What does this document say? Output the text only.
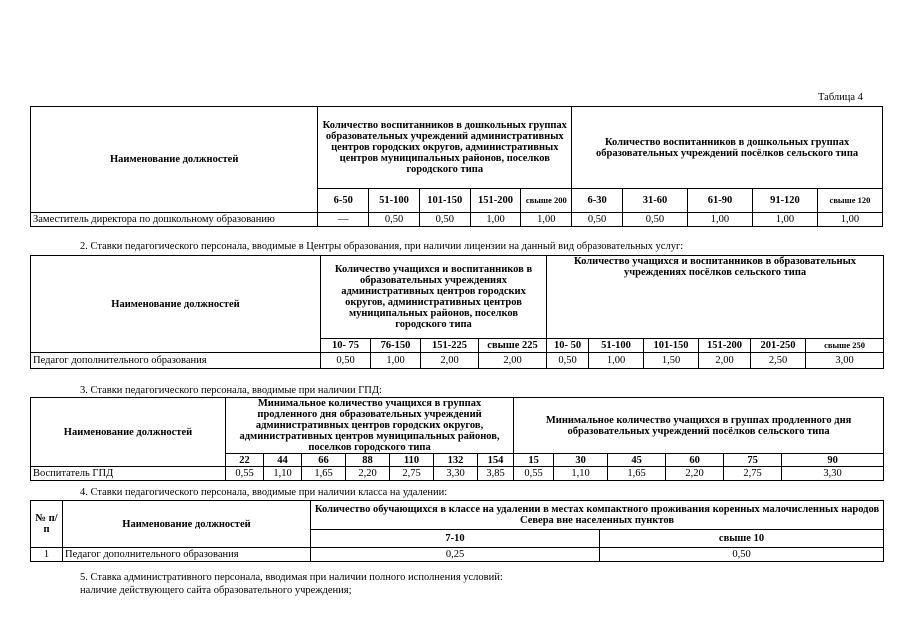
Таблица 4
Наименование должностей	Количество воспитанников в дошкольных группах образовательных учреждений административных центров городских округов, административных центров муниципальных районов, поселков городского типа					Количество воспитанников в дошкольных группах образовательных учреждений посёлков сельского типа				
	6-50	51-100	101-150	151-200	свыше 200	6-30	31-60	61-90	91-120	свыше 120
Заместитель директора по дошкольному образованию	—	0,50	0,50	1,00	1,00	0,50	0,50	1,00	1,00	1,00
2. Ставки педагогического персонала, вводимые в Центры образования, при наличии лицензии на данный вид образовательных услуг:
Наименование должностей	Количество учащихся и воспитанников в образовательных учреждениях административных центров городских округов, административных центров муниципальных районов, поселков городского типа				Количество учащихся и воспитанников в образовательных учреждениях посёлков сельского типа					
	10- 75	76-150	151-225	свыше 225	10- 50	51-100	101-150	151-200	201-250	свыше 250
Педагог дополнительного образования	0,50	1,00	2,00	2,00	0,50	1,00	1,50	2,00	2,50	3,00
3. Ставки педагогического персонала, вводимые при наличии ГПД:
Наименование должностей	Минимальное количество учащихся в группах продленного дня образовательных учреждений административных центров городских округов, административных центров муниципальных районов, поселков городского типа							Минимальное количество учащихся в группах продленного дня образовательных учреждений посёлков сельского типа					
	22	44	66	88	110	132	154	15	30	45	60	75	90
Воспитатель ГПД	0,55	1,10	1,65	2,20	2,75	3,30	3,85	0,55	1,10	1,65	2,20	2,75	3,30
4. Ставки педагогического персонала, вводимые при наличии класса на удалении:
№ п/п	Наименование должностей	Количество обучающихся в классе на удалении в местах компактного проживания коренных малочисленных народов Севера вне населенных пунктов	
		7-10	свыше 10
1	Педагог дополнительного образования	0,25	0,50
5. Ставка административного персонала, вводимая при наличии полного исполнения условий:
наличие действующего сайта образовательного учреждения;
